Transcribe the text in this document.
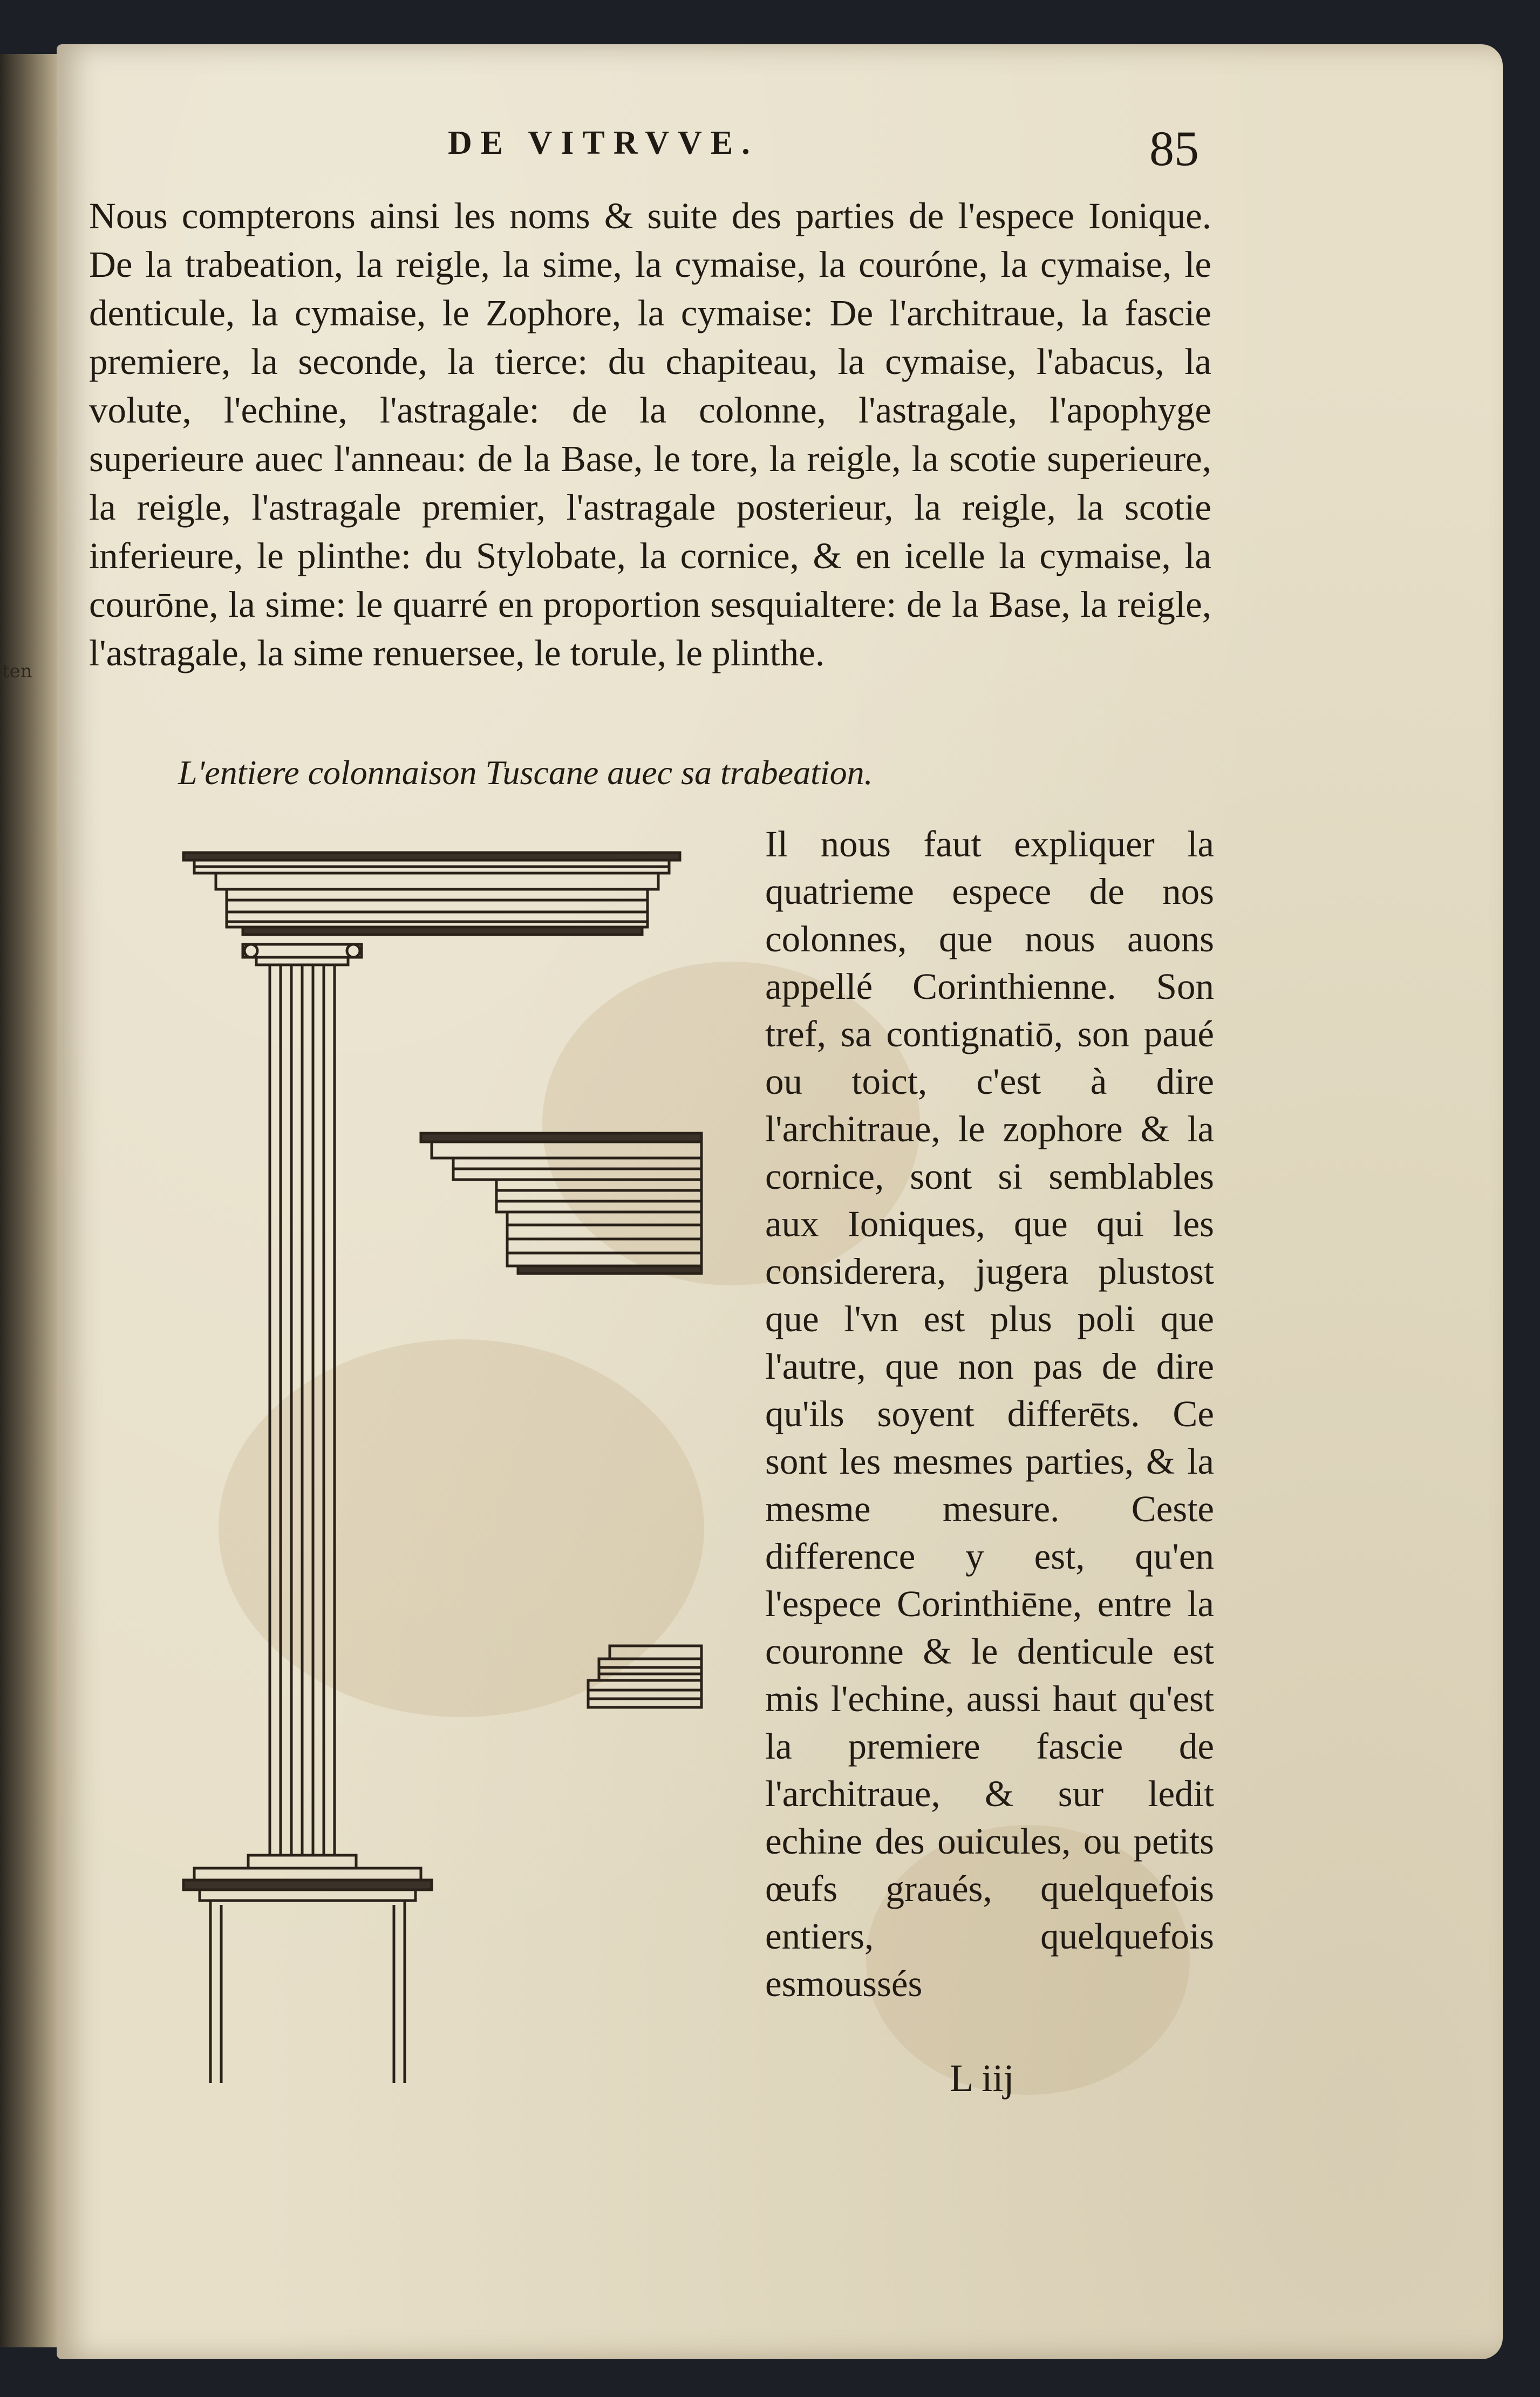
ten
DE VITRVVE.	85
Nous compterons ainsi les noms & suite des parties de l'espece Ionique. De la trabeation, la reigle, la sime, la cymaise, la couróne, la cymaise, le denticule, la cymaise, le Zophore, la cymaise: De l'architraue, la fascie premiere, la seconde, la tierce: du chapiteau, la cymaise, l'abacus, la volute, l'echine, l'astragale: de la colonne, l'astragale, l'apophyge superieure auec l'anneau: de la Base, le tore, la reigle, la scotie superieure, la reigle, l'astragale premier, l'astragale posterieur, la reigle, la scotie inferieure, le plinthe: du Stylobate, la cornice, & en icelle la cymaise, la courōne, la sime: le quarré en proportion sesquialtere: de la Base, la reigle, l'astragale, la sime renuersee, le torule, le plinthe.
L'entiere colonnaison Tuscane auec sa trabeation.
Il nous faut expliquer la quatrieme espece de nos colonnes, que nous auons appellé Corinthienne. Son tref, sa contignatiō, son paué ou toict, c'est à dire l'architraue, le zophore & la cornice, sont si semblables aux Ioniques, que qui les considerera, jugera plustost que l'vn est plus poli que l'autre, que non pas de dire qu'ils soyent differēts. Ce sont les mesmes parties, & la mesme mesure. Ceste difference y est, qu'en l'espece Corinthiēne, entre la couronne & le denticule est mis l'echine, aussi haut qu'est la premiere fascie de l'architraue, & sur ledit echine des ouicules, ou petits œufs graués, quelquefois entiers, quelquefois esmoussés
L iij
